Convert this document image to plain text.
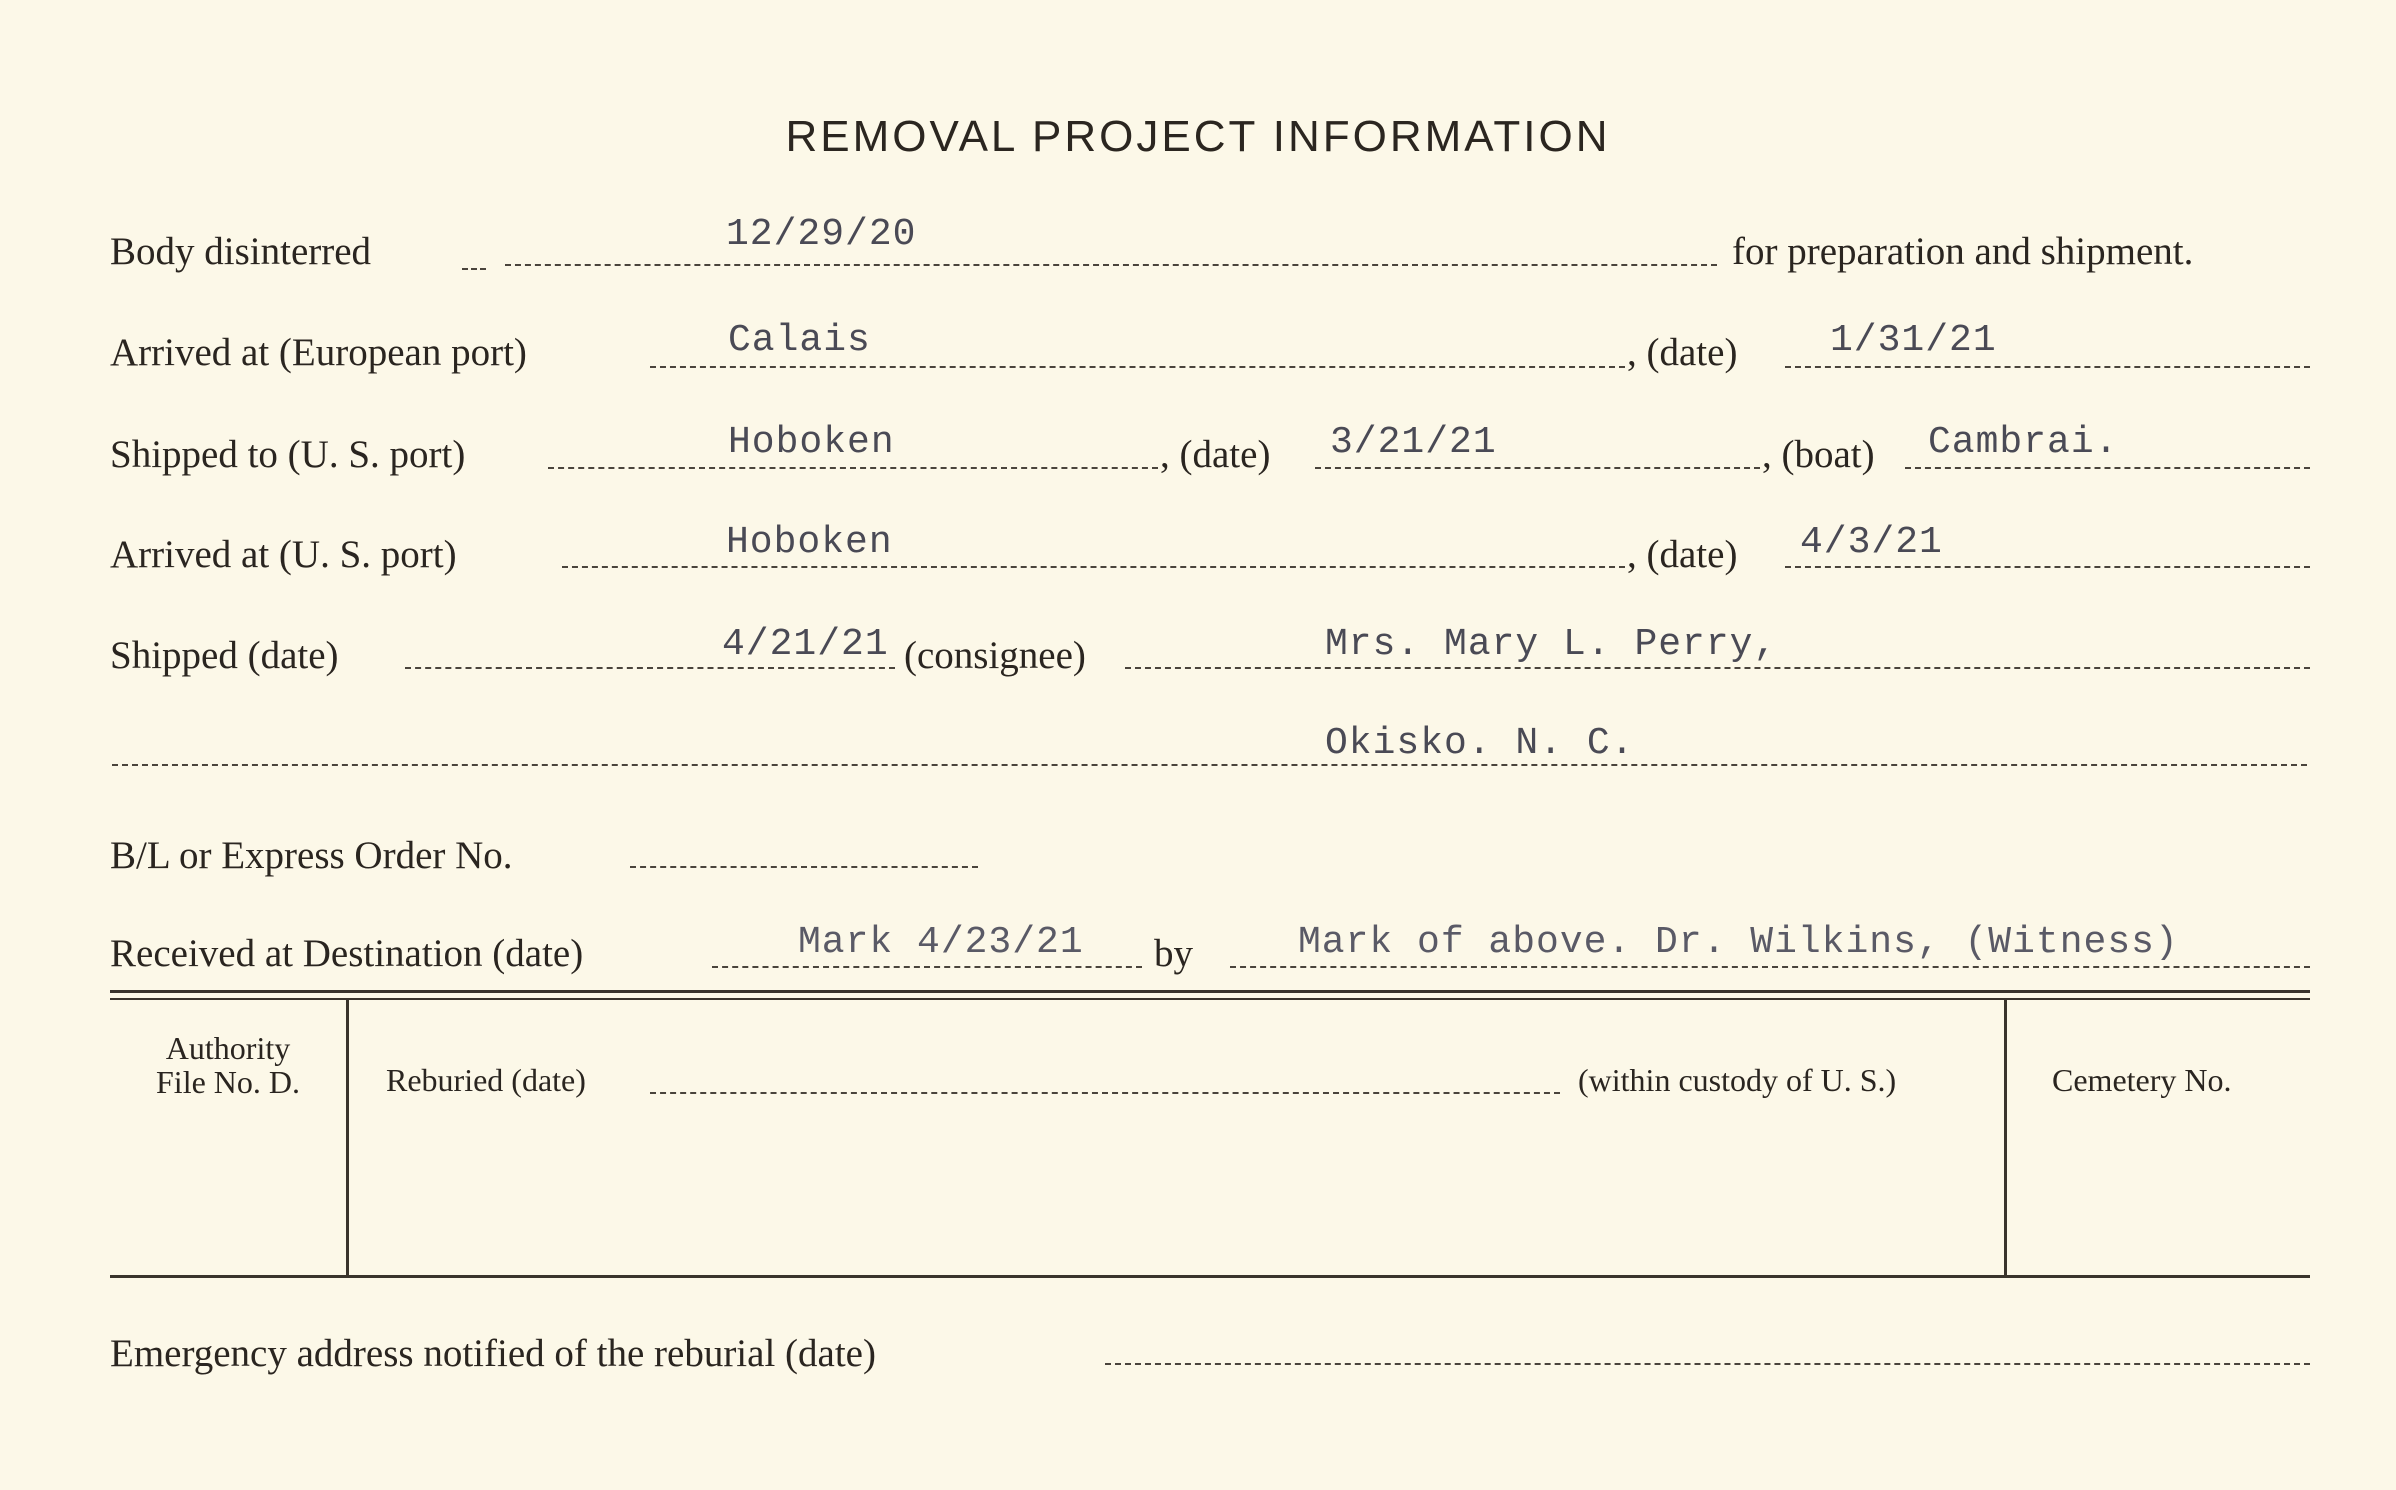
REMOVAL PROJECT INFORMATION
Body disinterred	12/29/20	for preparation and shipment.
Arrived at (European port)	Calais	, (date) 1/31/21
Shipped to (U. S. port)	Hoboken	, (date) 3/21/21	, (boat) Cambrai.
Arrived at (U. S. port)	Hoboken	, (date) 4/3/21
Shipped (date)	4/21/21 (consignee)	Mrs. Mary L. Perry,
Okisko. N. C.
B/L or Express Order No.
Received at Destination (date)	Mark 4/23/21 by	Mark of above. Dr. Wilkins, (Witness)
Authority
File No. D.	Reburied (date)	(within custody of U. S.)	Cemetery No.
Emergency address notified of the reburial (date)
